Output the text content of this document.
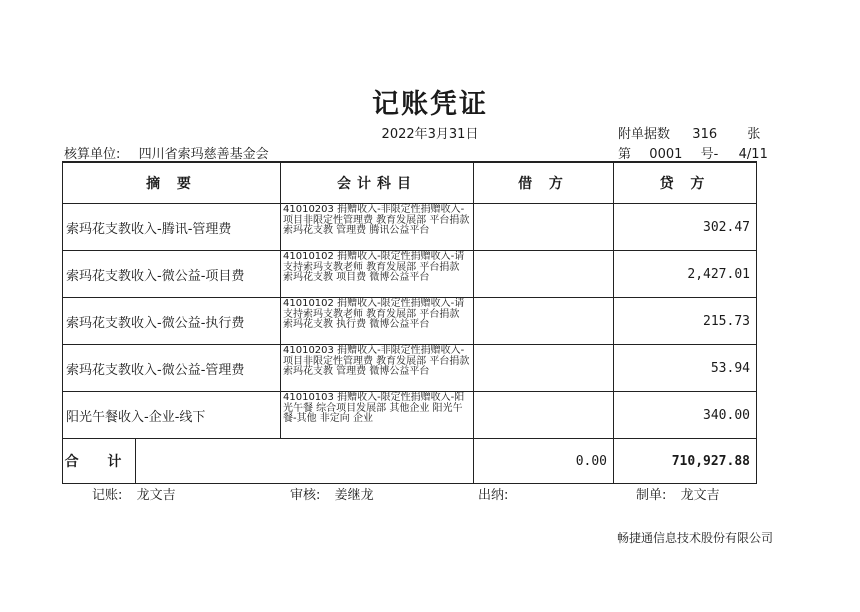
记账凭证
2022年3月31日	附单据数 316 张
核算单位: 四川省索玛慈善基金会	第 0001 号- 4/11
摘 要	会计科目	借 方	贷 方
索玛花支教收入-腾讯-管理费	41010203 捐赠收入-非限定性捐赠收入-项目非限定性管理费 教育发展部 平台捐款 索玛花支教 管理费 腾讯公益平台		302.47
索玛花支教收入-微公益-项目费	41010102 捐赠收入-限定性捐赠收入-请支持索玛支教老师 教育发展部 平台捐款 索玛花支教 项目费 微博公益平台		2,427.01
索玛花支教收入-微公益-执行费	41010102 捐赠收入-限定性捐赠收入-请支持索玛支教老师 教育发展部 平台捐款 索玛花支教 执行费 微博公益平台		215.73
索玛花支教收入-微公益-管理费	41010203 捐赠收入-非限定性捐赠收入-项目非限定性管理费 教育发展部 平台捐款 索玛花支教 管理费 微博公益平台		53.94
阳光午餐收入-企业-线下	41010103 捐赠收入-限定性捐赠收入-阳光午餐 综合项目发展部 其他企业 阳光午餐-其他 非定向 企业		340.00

合 计		0.00	710,927.88
记账: 龙文吉	审核: 姜继龙	出纳:	制单: 龙文吉
畅捷通信息技术股份有限公司
